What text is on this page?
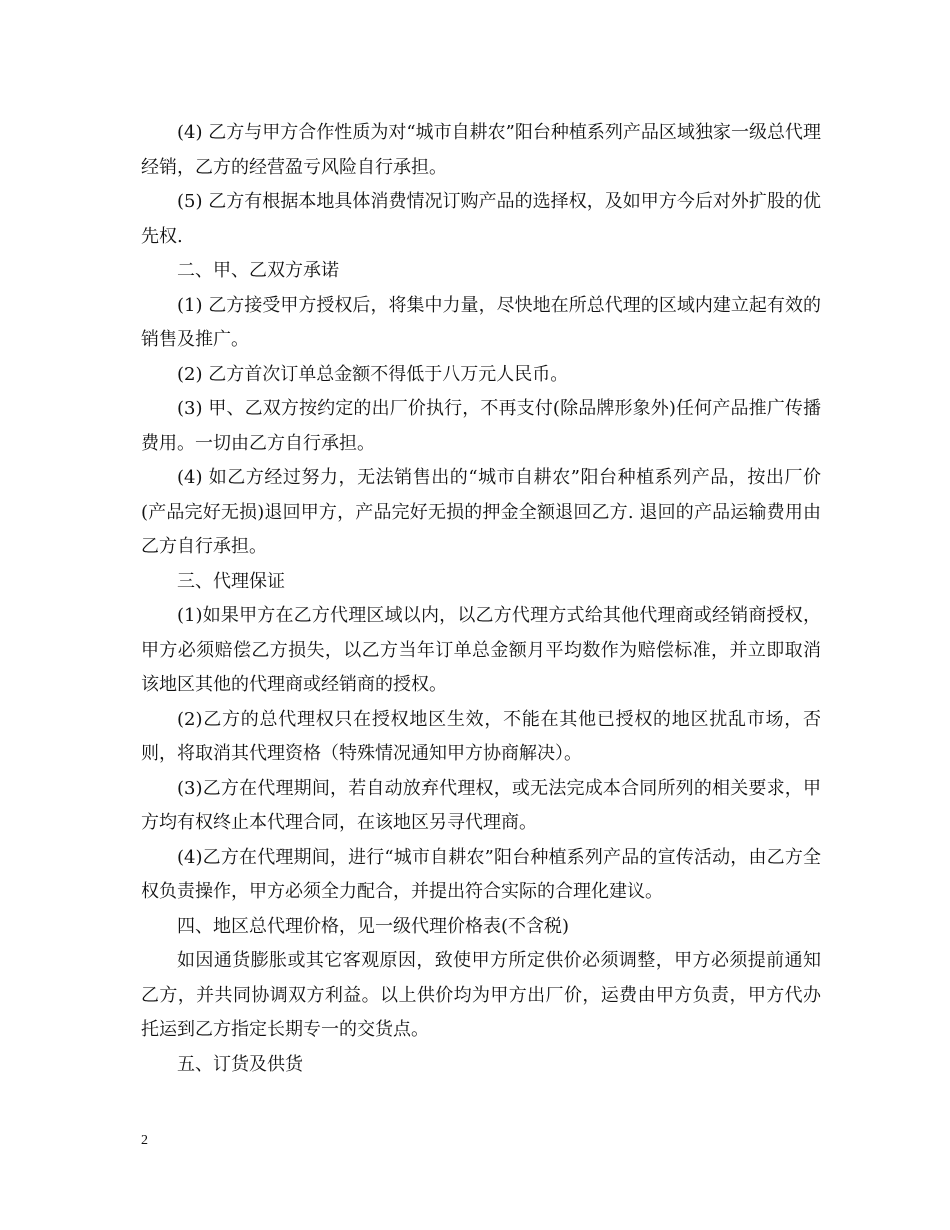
(4) 乙方与甲方合作性质为对“城市自耕农”阳台种植系列产品区域独家一级总代理经销，乙方的经营盈亏风险自行承担。

(5) 乙方有根据本地具体消费情况订购产品的选择权，及如甲方今后对外扩股的优先权.

二、甲、乙双方承诺

(1) 乙方接受甲方授权后，将集中力量，尽快地在所总代理的区域内建立起有效的销售及推广。

(2) 乙方首次订单总金额不得低于八万元人民币。

(3) 甲、乙双方按约定的出厂价执行，不再支付(除品牌形象外)任何产品推广传播费用。一切由乙方自行承担。

(4) 如乙方经过努力，无法销售出的“城市自耕农”阳台种植系列产品，按出厂价(产品完好无损)退回甲方，产品完好无损的押金全额退回乙方. 退回的产品运输费用由乙方自行承担。

三、代理保证

(1)如果甲方在乙方代理区域以内，以乙方代理方式给其他代理商或经销商授权，甲方必须赔偿乙方损失，以乙方当年订单总金额月平均数作为赔偿标准，并立即取消该地区其他的代理商或经销商的授权。

(2)乙方的总代理权只在授权地区生效，不能在其他已授权的地区扰乱市场，否则，将取消其代理资格（特殊情况通知甲方协商解决）。

(3)乙方在代理期间，若自动放弃代理权，或无法完成本合同所列的相关要求，甲方均有权终止本代理合同，在该地区另寻代理商。

(4)乙方在代理期间，进行“城市自耕农”阳台种植系列产品的宣传活动，由乙方全权负责操作，甲方必须全力配合，并提出符合实际的合理化建议。

四、地区总代理价格，见一级代理价格表(不含税)

如因通货膨胀或其它客观原因，致使甲方所定供价必须调整，甲方必须提前通知乙方，并共同协调双方利益。以上供价均为甲方出厂价，运费由甲方负责，甲方代办托运到乙方指定长期专一的交货点。

五、订货及供货

2
